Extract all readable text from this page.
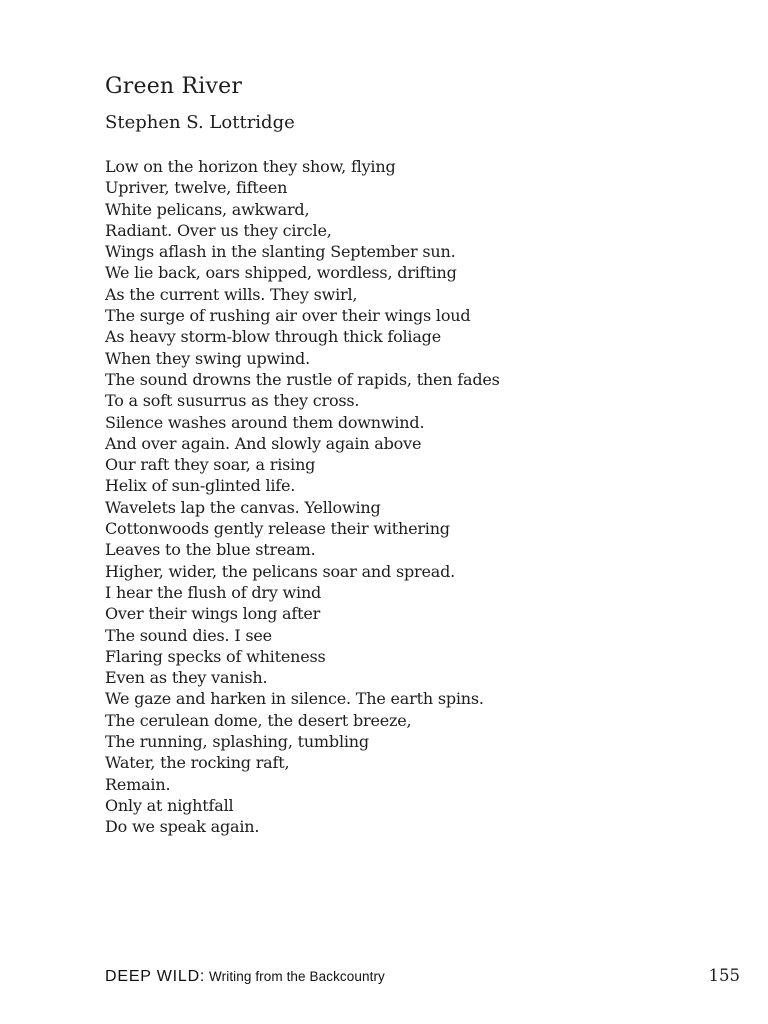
Green River
Stephen S. Lottridge
Low on the horizon they show, flying
Upriver, twelve, fifteen
White pelicans, awkward,
Radiant. Over us they circle,
Wings aflash in the slanting September sun.
We lie back, oars shipped, wordless, drifting
As the current wills. They swirl,
The surge of rushing air over their wings loud
As heavy storm-blow through thick foliage
When they swing upwind.
The sound drowns the rustle of rapids, then fades
To a soft susurrus as they cross.
Silence washes around them downwind.
And over again. And slowly again above
Our raft they soar, a rising
Helix of sun-glinted life.
Wavelets lap the canvas. Yellowing
Cottonwoods gently release their withering
Leaves to the blue stream.
Higher, wider, the pelicans soar and spread.
I hear the flush of dry wind
Over their wings long after
The sound dies. I see
Flaring specks of whiteness
Even as they vanish.
We gaze and harken in silence. The earth spins.
The cerulean dome, the desert breeze,
The running, splashing, tumbling
Water, the rocking raft,
Remain.
Only at nightfall
Do we speak again.
DEEP WILD: Writing from the Backcountry	155
